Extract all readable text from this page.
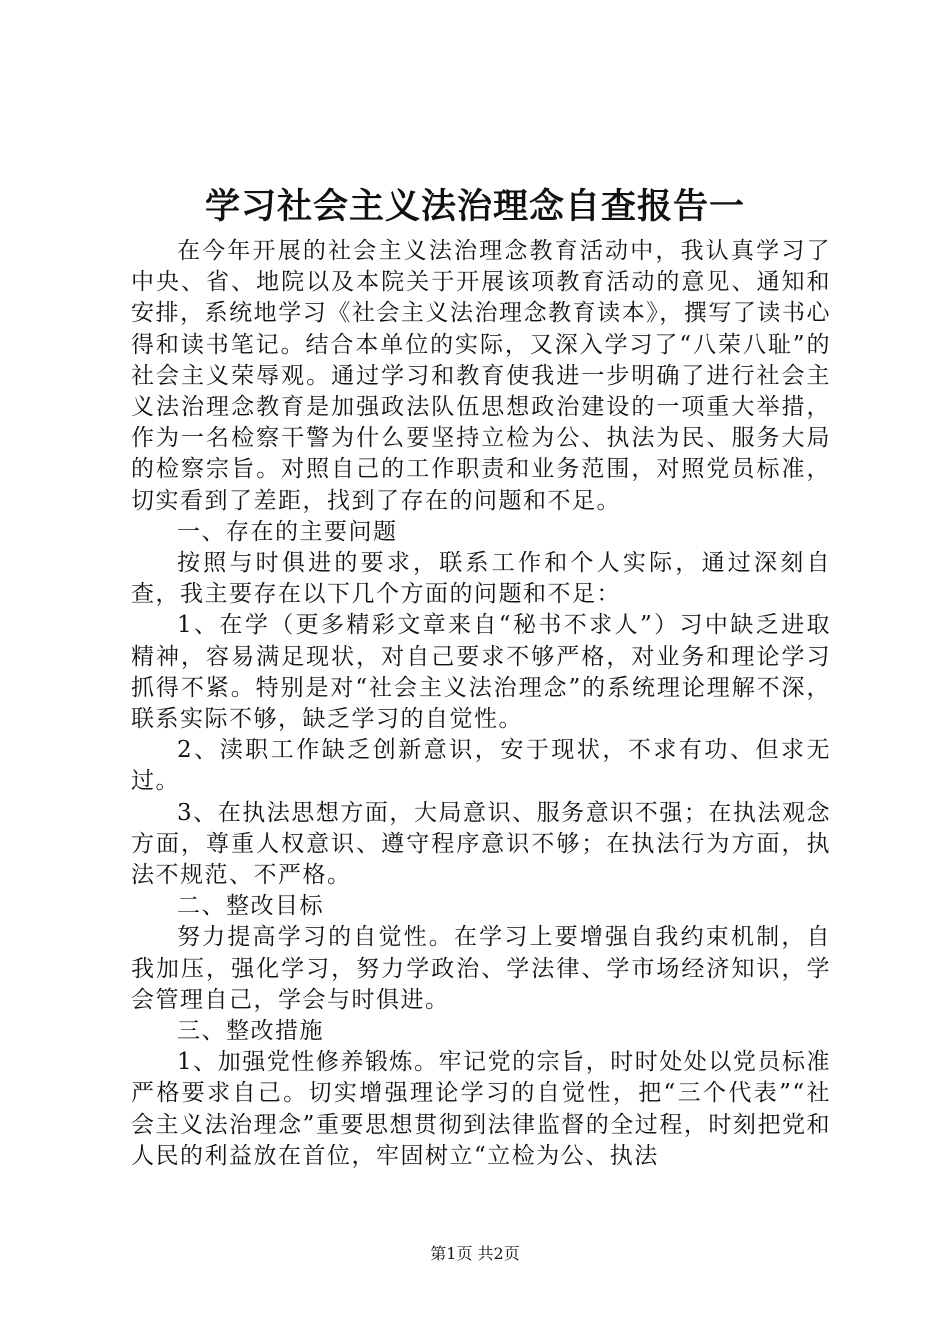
学习社会主义法治理念自查报告一

在今年开展的社会主义法治理念教育活动中，我认真学习了中央、省、地院以及本院关于开展该项教育活动的意见、通知和安排，系统地学习《社会主义法治理念教育读本》，撰写了读书心得和读书笔记。结合本单位的实际，又深入学习了“八荣八耻”的社会主义荣辱观。通过学习和教育使我进一步明确了进行社会主义法治理念教育是加强政法队伍思想政治建设的一项重大举措，作为一名检察干警为什么要坚持立检为公、执法为民、服务大局的检察宗旨。对照自己的工作职责和业务范围，对照党员标准，切实看到了差距，找到了存在的问题和不足。

一、存在的主要问题

按照与时俱进的要求，联系工作和个人实际，通过深刻自查，我主要存在以下几个方面的问题和不足：

1、在学（更多精彩文章来自“秘书不求人”）习中缺乏进取精神，容易满足现状，对自己要求不够严格，对业务和理论学习抓得不紧。特别是对“社会主义法治理念”的系统理论理解不深，联系实际不够，缺乏学习的自觉性。

2、渎职工作缺乏创新意识，安于现状，不求有功、但求无过。

3、在执法思想方面，大局意识、服务意识不强；在执法观念方面，尊重人权意识、遵守程序意识不够；在执法行为方面，执法不规范、不严格。

二、整改目标

努力提高学习的自觉性。在学习上要增强自我约束机制，自我加压，强化学习，努力学政治、学法律、学市场经济知识，学会管理自己，学会与时俱进。

三、整改措施

1、加强党性修养锻炼。牢记党的宗旨，时时处处以党员标准严格要求自己。切实增强理论学习的自觉性，把“三个代表”“社会主义法治理念”重要思想贯彻到法律监督的全过程，时刻把党和人民的利益放在首位，牢固树立“立检为公、执法

第1页 共2页
